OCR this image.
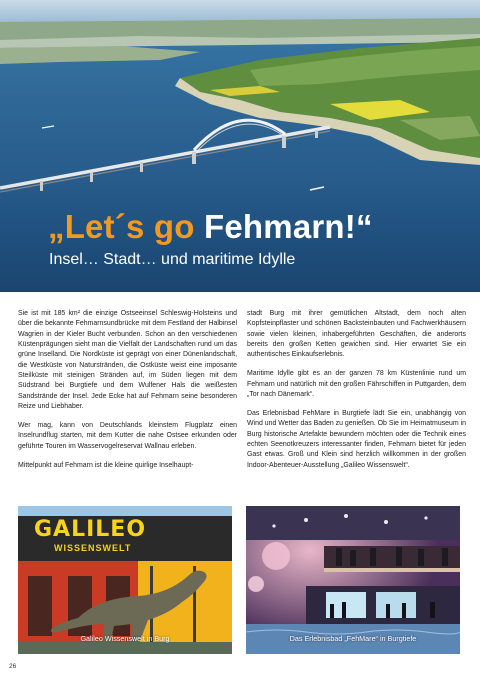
„Let´s go Fehmarn!“
Insel… Stadt… und maritime Idylle

Sie ist mit 185 km² die einzige Ostseeinsel Schleswig-Holsteins und über die bekannte Fehmarnsundbrücke mit dem Festland der Halbinsel Wagrien in der Kieler Bucht verbunden. Schon an den verschiedenen Küstenprägungen sieht man die Vielfalt der Landschaften rund um das grüne Inselland. Die Nordküste ist geprägt von einer Dünenlandschaft, die Westküste von Naturstränden, die Ostküste weist eine imposante Steilküste mit steinigen Stränden auf, im Süden liegen mit dem Südstrand bei Burgtiefe und dem Wulfener Hals die weißesten Sandstrände der Insel. Jede Ecke hat auf Fehmarn seine besonderen Reize und Liebhaber.

Wer mag, kann von Deutschlands kleinstem Flugplatz einen Inselrundflug starten, mit dem Kutter die nahe Ostsee erkunden oder geführte Touren im Wasservogelreservat Wallnau erleben.

Mittelpunkt auf Fehmarn ist die kleine quirlige Inselhaupt-

stadt Burg mit ihrer gemütlichen Altstadt, dem noch alten Kopfsteinpflaster und schönen Backsteinbauten und Fachwerkhäusern sowie vielen kleinen, inhabergeführten Geschäften, die anderorts bereits den großen Ketten gewichen sind. Hier erwartet Sie ein authentisches Einkaufserlebnis.

Maritime Idylle gibt es an der ganzen 78 km Küstenlinie rund um Fehmarn und natürlich mit den großen Fährschiffen in Puttgarden, dem „Tor nach Dänemark“.

Das Erlebnisbad FehMare in Burgtiefe lädt Sie ein, unabhängig von Wind und Wetter das Baden zu genießen. Ob Sie im Heimatmuseum in Burg historische Artefakte bewundern möchten oder die Technik eines echten Seenotkreuzers interessanter finden, Fehmarn bietet für jeden Gast etwas. Groß und Klein sind herzlich willkommen in der großen Indoor-Abenteuer-Ausstellung „Galileo Wissenswelt“.

GALILEO
WISSENSWELT
Galileo Wissenswelt in Burg	Das Erlebnisbad „FehMare“ in Burgtiefe
26
